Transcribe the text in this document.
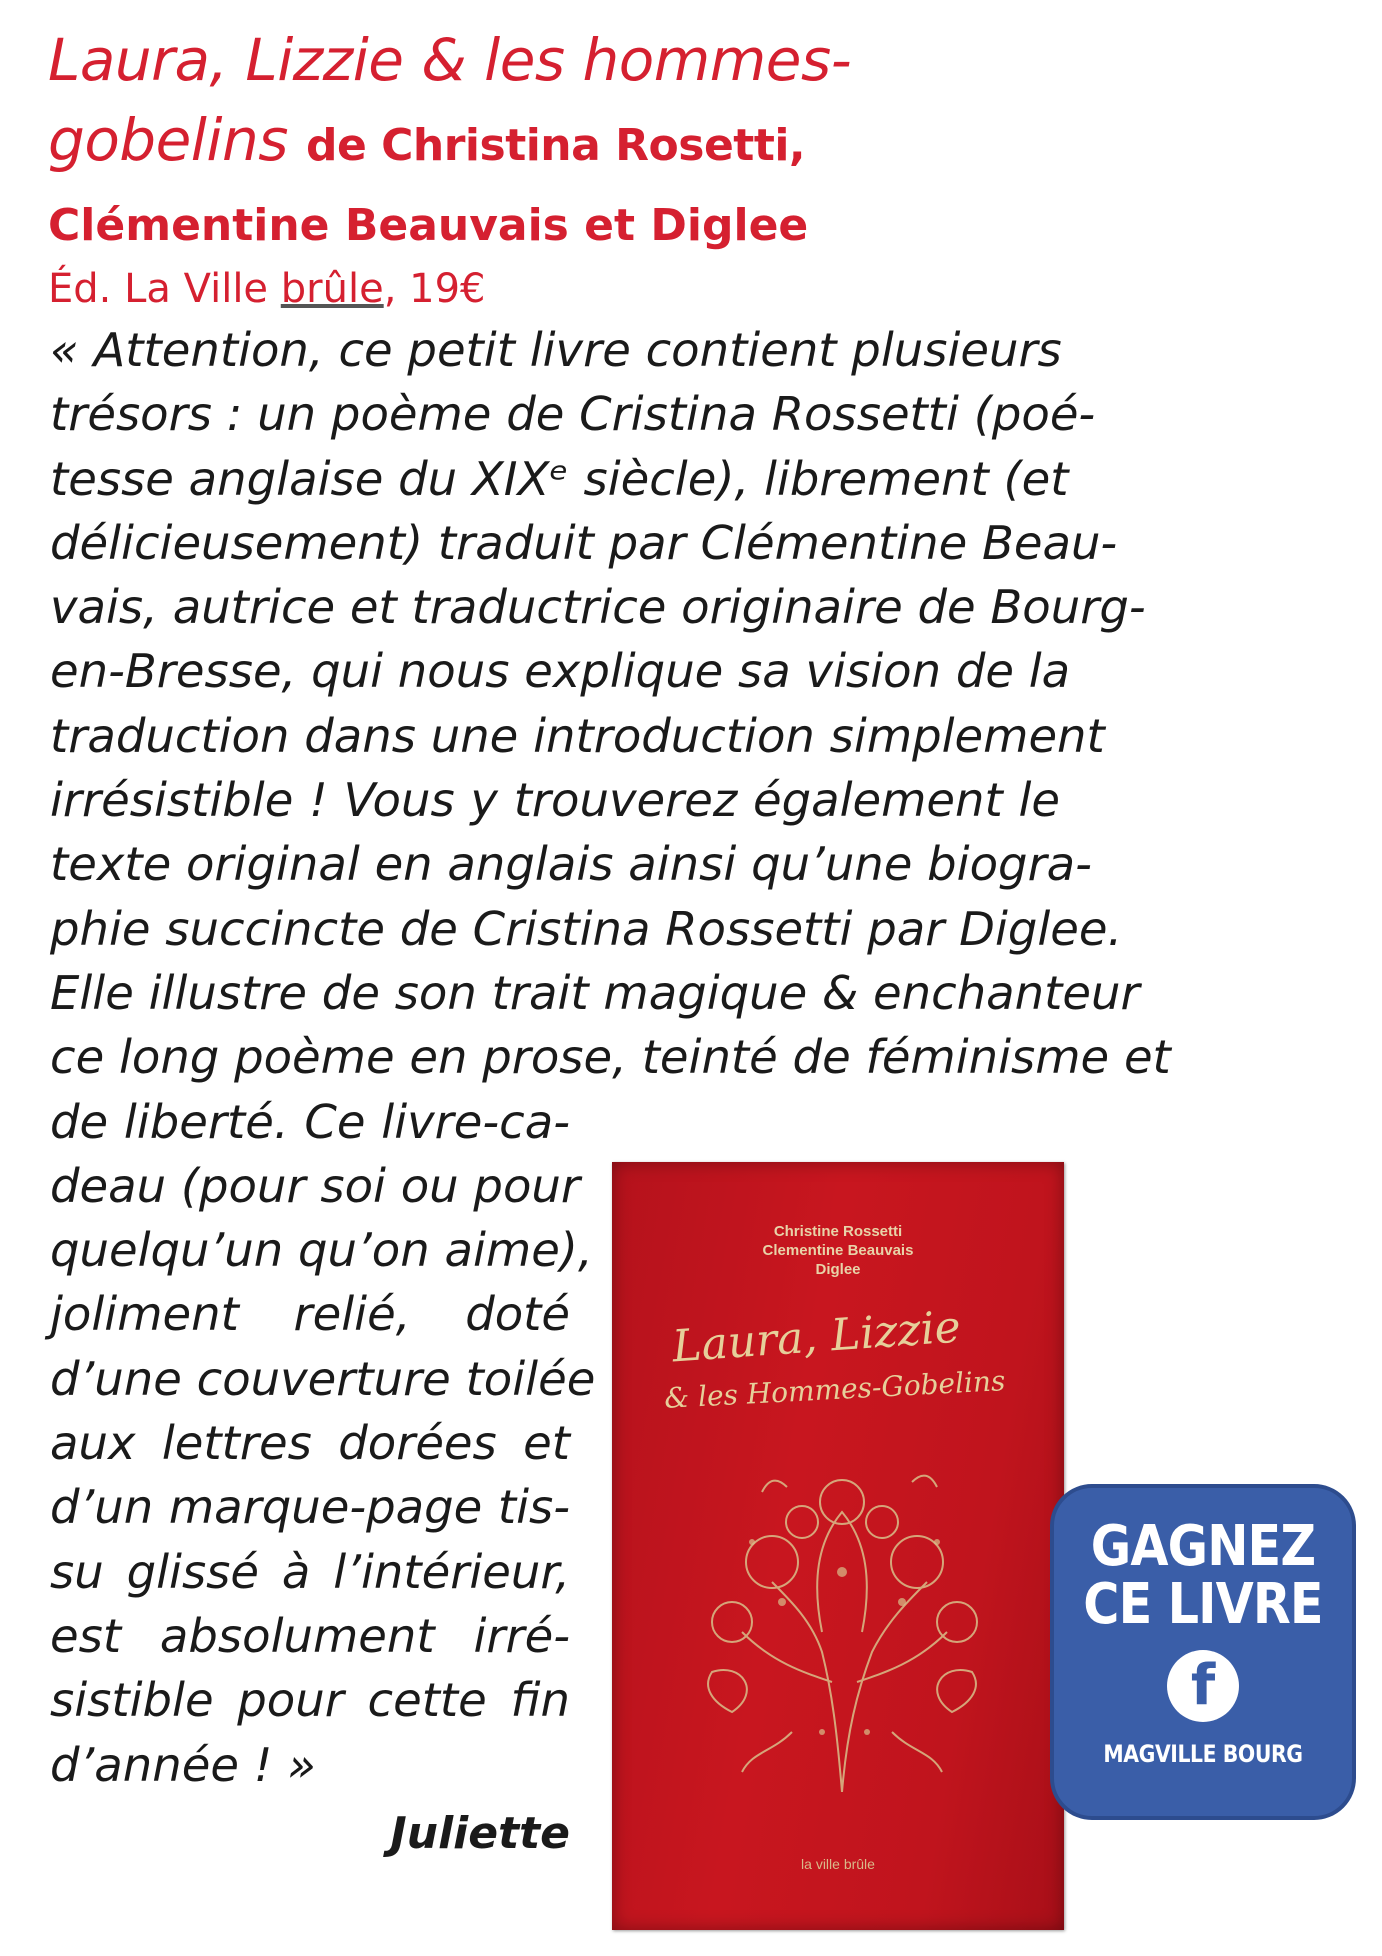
Laura, Lizzie & les hommes-
gobelins de Christina Rosetti,
Clémentine Beauvais et Diglee
Éd. La Ville brûle, 19€
« Attention, ce petit livre contient plusieurs
trésors : un poème de Cristina Rossetti (poé-
tesse anglaise du XIXᵉ siècle), librement (et
délicieusement) traduit par Clémentine Beau-
vais, autrice et traductrice originaire de Bourg-
en-Bresse, qui nous explique sa vision de la
traduction dans une introduction simplement
irrésistible ! Vous y trouverez également le
texte original en anglais ainsi qu’une biogra-
phie succincte de Cristina Rossetti par Diglee.
Elle illustre de son trait magique & enchanteur
ce long poème en prose, teinté de féminisme et
de liberté. Ce livre-ca-
deau (pour soi ou pour
quelqu’un qu’on aime),
joliment relié, doté
d’une couverture toilée
aux lettres dorées et
d’un marque-page tis-
su glissé à l’intérieur,
est absolument irré-
sistible pour cette fin
d’année ! »
Juliette
Christine Rossetti
Clementine Beauvais
Diglee
Laura, Lizzie
& les Hommes-Gobelins
la ville brûle
GAGNEZ
CE LIVRE
f
MAGVILLE BOURG
